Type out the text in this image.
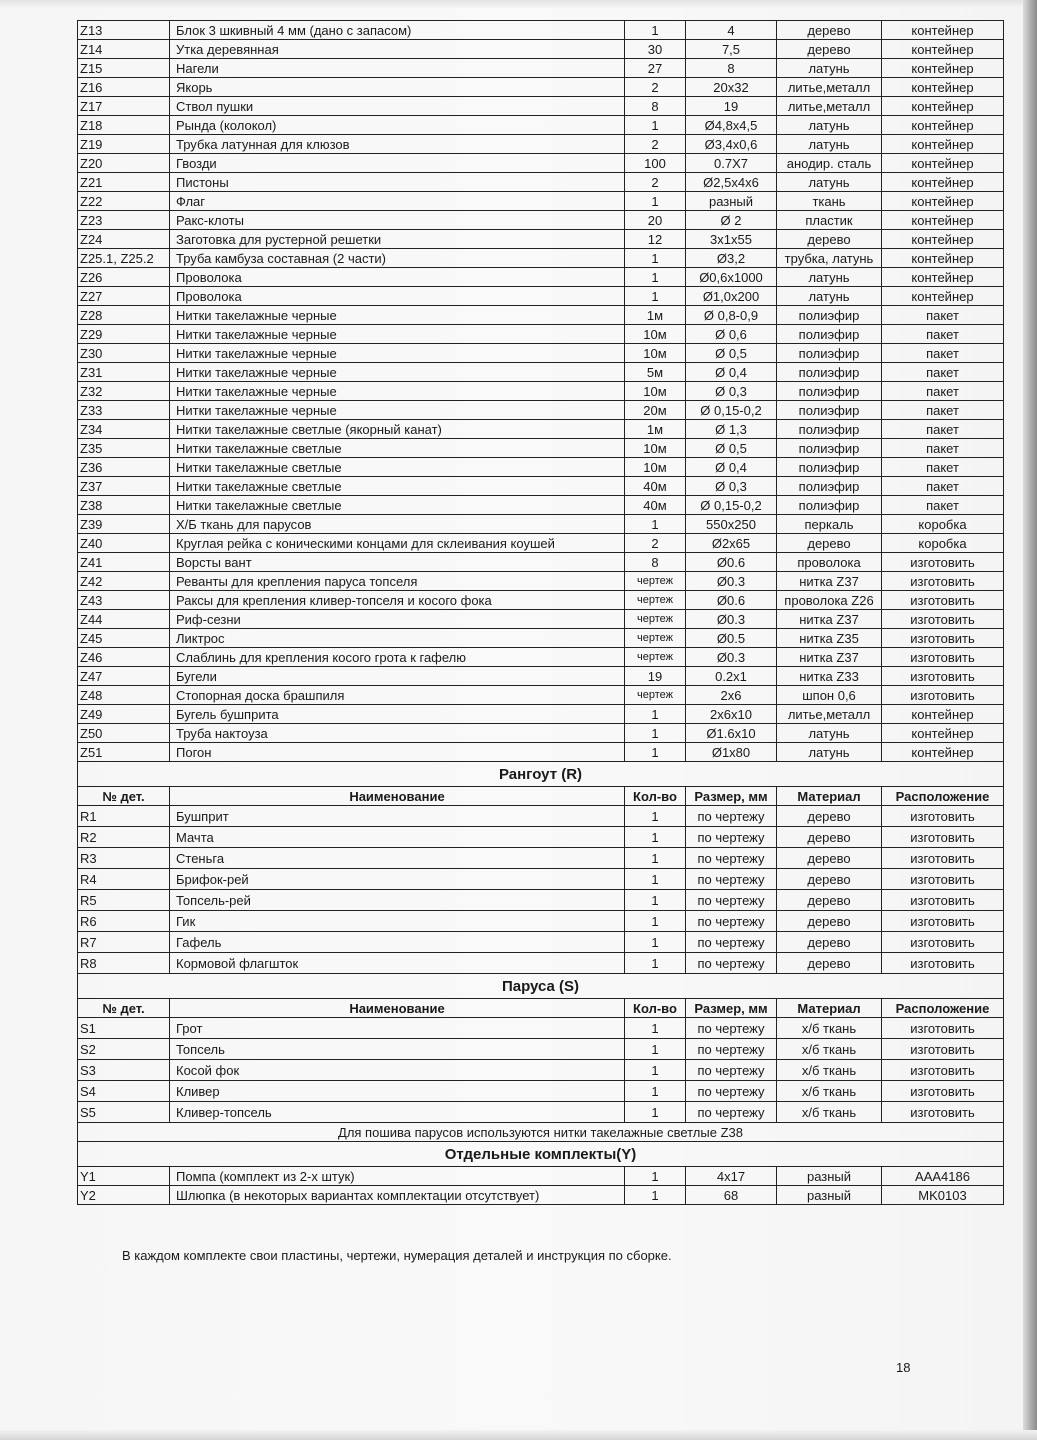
Z13	Блок 3 шкивный 4 мм (дано с запасом)	1	4	дерево	контейнер
Z14	Утка деревянная	30	7,5	дерево	контейнер
Z15	Нагели	27	8	латунь	контейнер
Z16	Якорь	2	20x32	литье,металл	контейнер
Z17	Ствол пушки	8	19	литье,металл	контейнер
Z18	Рында (колокол)	1	Ø4,8x4,5	латунь	контейнер
Z19	Трубка латунная для клюзов	2	Ø3,4x0,6	латунь	контейнер
Z20	Гвозди	100	0.7X7	анодир. сталь	контейнер
Z21	Пистоны	2	Ø2,5x4x6	латунь	контейнер
Z22	Флаг	1	разный	ткань	контейнер
Z23	Ракс-клоты	20	Ø 2	пластик	контейнер
Z24	Заготовка для рустерной решетки	12	3x1x55	дерево	контейнер
Z25.1, Z25.2	Труба камбуза составная (2 части)	1	Ø3,2	трубка, латунь	контейнер
Z26	Проволока	1	Ø0,6x1000	латунь	контейнер
Z27	Проволока	1	Ø1,0x200	латунь	контейнер
Z28	Нитки такелажные черные	1м	Ø 0,8-0,9	полиэфир	пакет
Z29	Нитки такелажные черные	10м	Ø 0,6	полиэфир	пакет
Z30	Нитки такелажные черные	10м	Ø 0,5	полиэфир	пакет
Z31	Нитки такелажные черные	5м	Ø 0,4	полиэфир	пакет
Z32	Нитки такелажные черные	10м	Ø 0,3	полиэфир	пакет
Z33	Нитки такелажные черные	20м	Ø 0,15-0,2	полиэфир	пакет
Z34	Нитки такелажные светлые (якорный канат)	1м	Ø 1,3	полиэфир	пакет
Z35	Нитки такелажные светлые	10м	Ø 0,5	полиэфир	пакет
Z36	Нитки такелажные светлые	10м	Ø 0,4	полиэфир	пакет
Z37	Нитки такелажные светлые	40м	Ø 0,3	полиэфир	пакет
Z38	Нитки такелажные светлые	40м	Ø 0,15-0,2	полиэфир	пакет
Z39	Х/Б ткань для парусов	1	550x250	перкаль	коробка
Z40	Круглая рейка с коническими концами для склеивания коушей	2	Ø2x65	дерево	коробка
Z41	Ворсты вант	8	Ø0.6	проволока	изготовить
Z42	Реванты для крепления паруса топселя	чертеж	Ø0.3	нитка Z37	изготовить
Z43	Раксы для крепления кливер-топселя и косого фока	чертеж	Ø0.6	проволока Z26	изготовить
Z44	Риф-сезни	чертеж	Ø0.3	нитка Z37	изготовить
Z45	Ликтрос	чертеж	Ø0.5	нитка Z35	изготовить
Z46	Слаблинь для крепления косого грота к гафелю	чертеж	Ø0.3	нитка Z37	изготовить
Z47	Бугели	19	0.2x1	нитка Z33	изготовить
Z48	Стопорная доска брашпиля	чертеж	2x6	шпон 0,6	изготовить
Z49	Бугель бушприта	1	2x6x10	литье,металл	контейнер
Z50	Труба нактоуза	1	Ø1.6x10	латунь	контейнер
Z51	Погон	1	Ø1x80	латунь	контейнер
Рангоут (R)					
№ дет.	Наименование	Кол-во	Размер, мм	Материал	Расположение
R1	Бушприт	1	по чертежу	дерево	изготовить
R2	Мачта	1	по чертежу	дерево	изготовить
R3	Стеньга	1	по чертежу	дерево	изготовить
R4	Брифок-рей	1	по чертежу	дерево	изготовить
R5	Топсель-рей	1	по чертежу	дерево	изготовить
R6	Гик	1	по чертежу	дерево	изготовить
R7	Гафель	1	по чертежу	дерево	изготовить
R8	Кормовой флагшток	1	по чертежу	дерево	изготовить
Паруса (S)					
№ дет.	Наименование	Кол-во	Размер, мм	Материал	Расположение
S1	Грот	1	по чертежу	х/б ткань	изготовить
S2	Топсель	1	по чертежу	х/б ткань	изготовить
S3	Косой фок	1	по чертежу	х/б ткань	изготовить
S4	Кливер	1	по чертежу	х/б ткань	изготовить
S5	Кливер-топсель	1	по чертежу	х/б ткань	изготовить
Для пошива парусов используются нитки такелажные светлые Z38					
Отдельные комплекты(Y)					
Y1	Помпа (комплект из 2-х штук)	1	4x17	разный	AAA4186
Y2	Шлюпка (в некоторых вариантах комплектации отсутствует)	1	68	разный	MK0103
В каждом комплекте свои пластины, чертежи, нумерация деталей и инструкция по сборке.
18
